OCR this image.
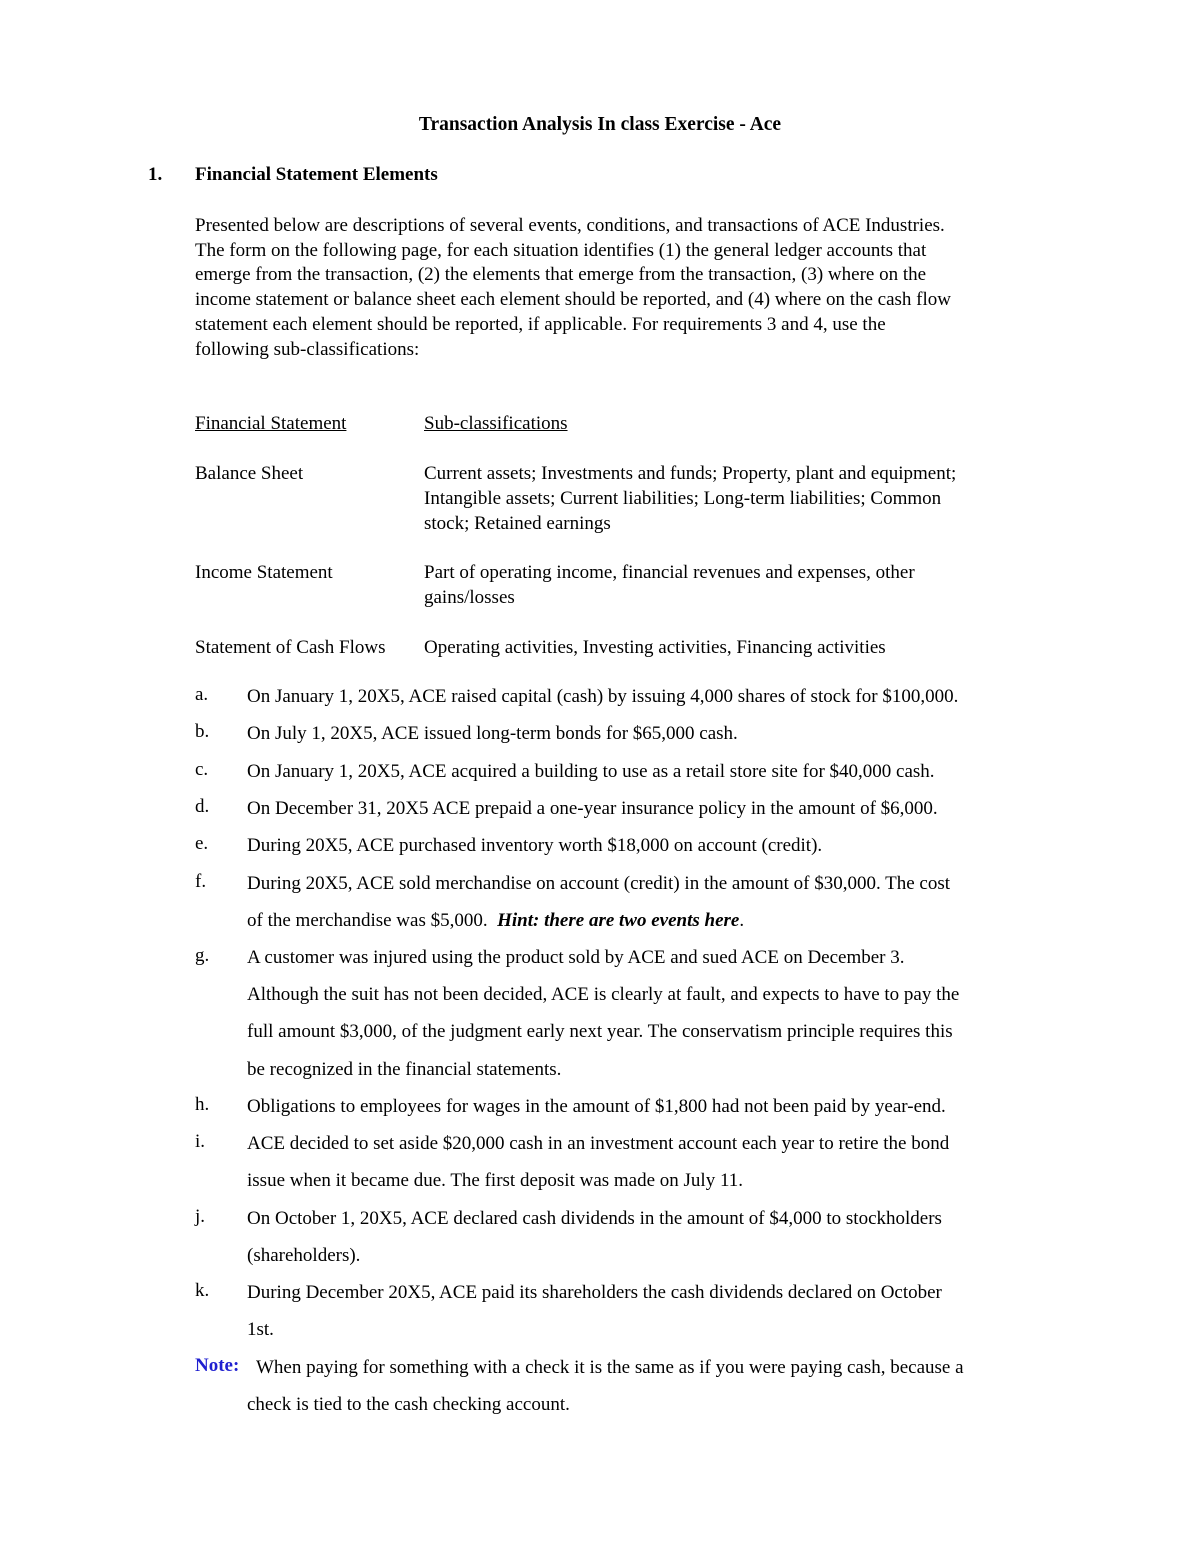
Transaction Analysis In class Exercise - Ace
1. Financial Statement Elements
Presented below are descriptions of several events, conditions, and transactions of ACE Industries.
The form on the following page, for each situation identifies (1) the general ledger accounts that
emerge from the transaction, (2) the elements that emerge from the transaction, (3) where on the
income statement or balance sheet each element should be reported, and (4) where on the cash flow
statement each element should be reported, if applicable. For requirements 3 and 4, use the
following sub-classifications:
Financial Statement	Sub-classifications
Balance Sheet	Current assets; Investments and funds; Property, plant and equipment;
Intangible assets; Current liabilities; Long-term liabilities; Common
stock; Retained earnings
Income Statement	Part of operating income, financial revenues and expenses, other
gains/losses
Statement of Cash Flows Operating activities, Investing activities, Financing activities
a. On January 1, 20X5, ACE raised capital (cash) by issuing 4,000 shares of stock for $100,000.
b. On July 1, 20X5, ACE issued long-term bonds for $65,000 cash.
c. On January 1, 20X5, ACE acquired a building to use as a retail store site for $40,000 cash.
d. On December 31, 20X5 ACE prepaid a one-year insurance policy in the amount of $6,000.
e. During 20X5, ACE purchased inventory worth $18,000 on account (credit).
f. During 20X5, ACE sold merchandise on account (credit) in the amount of $30,000. The cost
of the merchandise was $5,000. Hint: there are two events here.
g. A customer was injured using the product sold by ACE and sued ACE on December 3.
Although the suit has not been decided, ACE is clearly at fault, and expects to have to pay the
full amount $3,000, of the judgment early next year. The conservatism principle requires this
be recognized in the financial statements.
h. Obligations to employees for wages in the amount of $1,800 had not been paid by year-end.
i. ACE decided to set aside $20,000 cash in an investment account each year to retire the bond
issue when it became due. The first deposit was made on July 11.
j. On October 1, 20X5, ACE declared cash dividends in the amount of $4,000 to stockholders
(shareholders).
k. During December 20X5, ACE paid its shareholders the cash dividends declared on October
1st.
Note: When paying for something with a check it is the same as if you were paying cash, because a
check is tied to the cash checking account.
